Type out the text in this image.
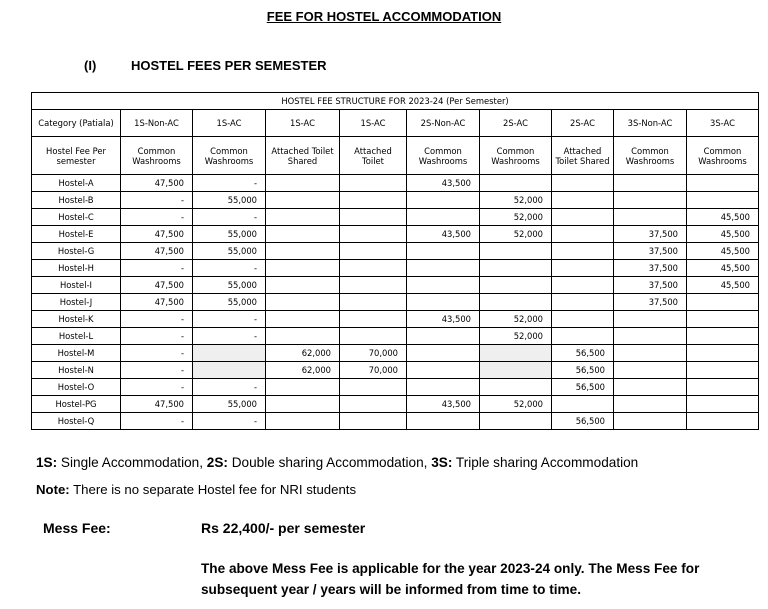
FEE FOR HOSTEL ACCOMMODATION
(I)	HOSTEL FEES PER SEMESTER
HOSTEL FEE STRUCTURE FOR 2023-24 (Per Semester)									
Category (Patiala)	1S-Non-AC	1S-AC	1S-AC	1S-AC	2S-Non-AC	2S-AC	2S-AC	3S-Non-AC	3S-AC
Hostel Fee Per semester	Common Washrooms	Common Washrooms	Attached Toilet Shared	Attached Toilet	Common Washrooms	Common Washrooms	Attached Toilet Shared	Common Washrooms	Common Washrooms
Hostel-A	47,500	-			43,500				
Hostel-B	-	55,000				52,000			
Hostel-C	-	-				52,000			45,500
Hostel-E	47,500	55,000			43,500	52,000		37,500	45,500
Hostel-G	47,500	55,000						37,500	45,500
Hostel-H	-	-						37,500	45,500
Hostel-I	47,500	55,000						37,500	45,500
Hostel-J	47,500	55,000						37,500	
Hostel-K	-	-			43,500	52,000			
Hostel-L	-	-				52,000			
Hostel-M	-		62,000	70,000			56,500		
Hostel-N	-		62,000	70,000			56,500		
Hostel-O	-	-					56,500		
Hostel-PG	47,500	55,000			43,500	52,000			
Hostel-Q	-	-					56,500		
1S: Single Accommodation, 2S: Double sharing Accommodation, 3S: Triple sharing Accommodation
Note: There is no separate Hostel fee for NRI students
Mess Fee:	Rs 22,400/- per semester
The above Mess Fee is applicable for the year 2023-24 only. The Mess Fee for subsequent year / years will be informed from time to time.
